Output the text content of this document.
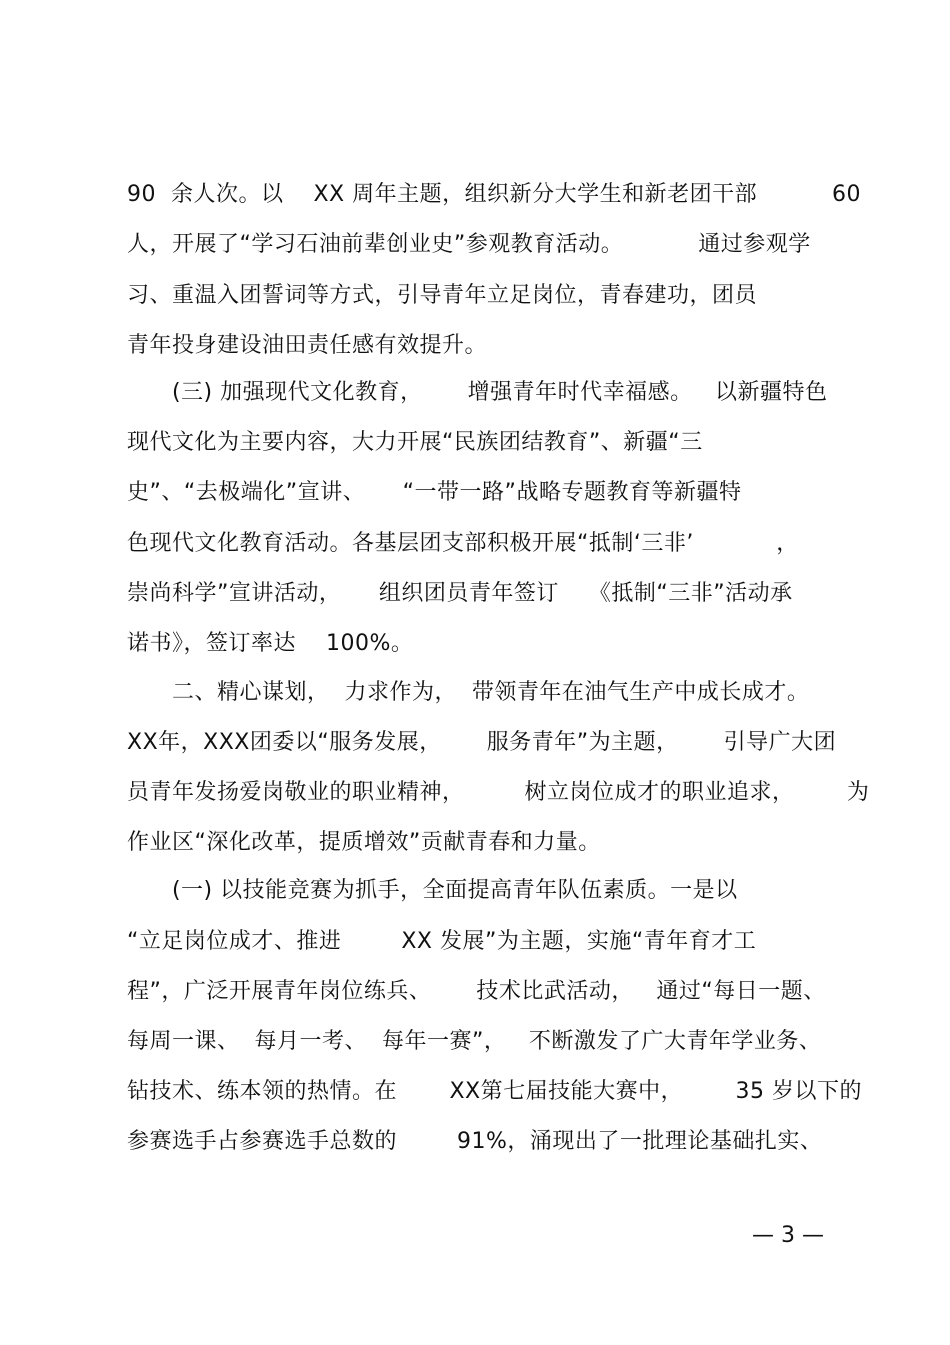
90  余人次。以    XX 周年主题，组织新分大学生和新老团干部          60
人，开展了“学习石油前辈创业史”参观教育活动。          通过参观学
习、重温入团誓词等方式，引导青年立足岗位，青春建功，团员
青年投身建设油田责任感有效提升。
(三) 加强现代文化教育，      增强青年时代幸福感。   以新疆特色
现代文化为主要内容，大力开展“民族团结教育”、新疆“三
史”、“去极端化”宣讲、     “一带一路”战略专题教育等新疆特
色现代文化教育活动。各基层团支部积极开展“抵制‘三非’           ，
崇尚科学”宣讲活动，     组织团员青年签订    《抵制“三非”活动承
诺书》，签订率达    100%。
二、精心谋划，  力求作为，  带领青年在油气生产中成长成才。
XX年，XXX团委以“服务发展，      服务青年”为主题，      引导广大团
员青年发扬爱岗敬业的职业精神，        树立岗位成才的职业追求，       为
作业区“深化改革，提质增效”贡献青春和力量。
(一) 以技能竞赛为抓手，全面提高青年队伍素质。一是以
“立足岗位成才、推进        XX 发展”为主题，实施“青年育才工
程”，广泛开展青年岗位练兵、      技术比武活动，   通过“每日一题、
每周一课、  每月一考、  每年一赛”，   不断激发了广大青年学业务、
钻技术、练本领的热情。在       XX第七届技能大赛中，       35 岁以下的
参赛选手占参赛选手总数的        91%，涌现出了一批理论基础扎实、
— 3 —
